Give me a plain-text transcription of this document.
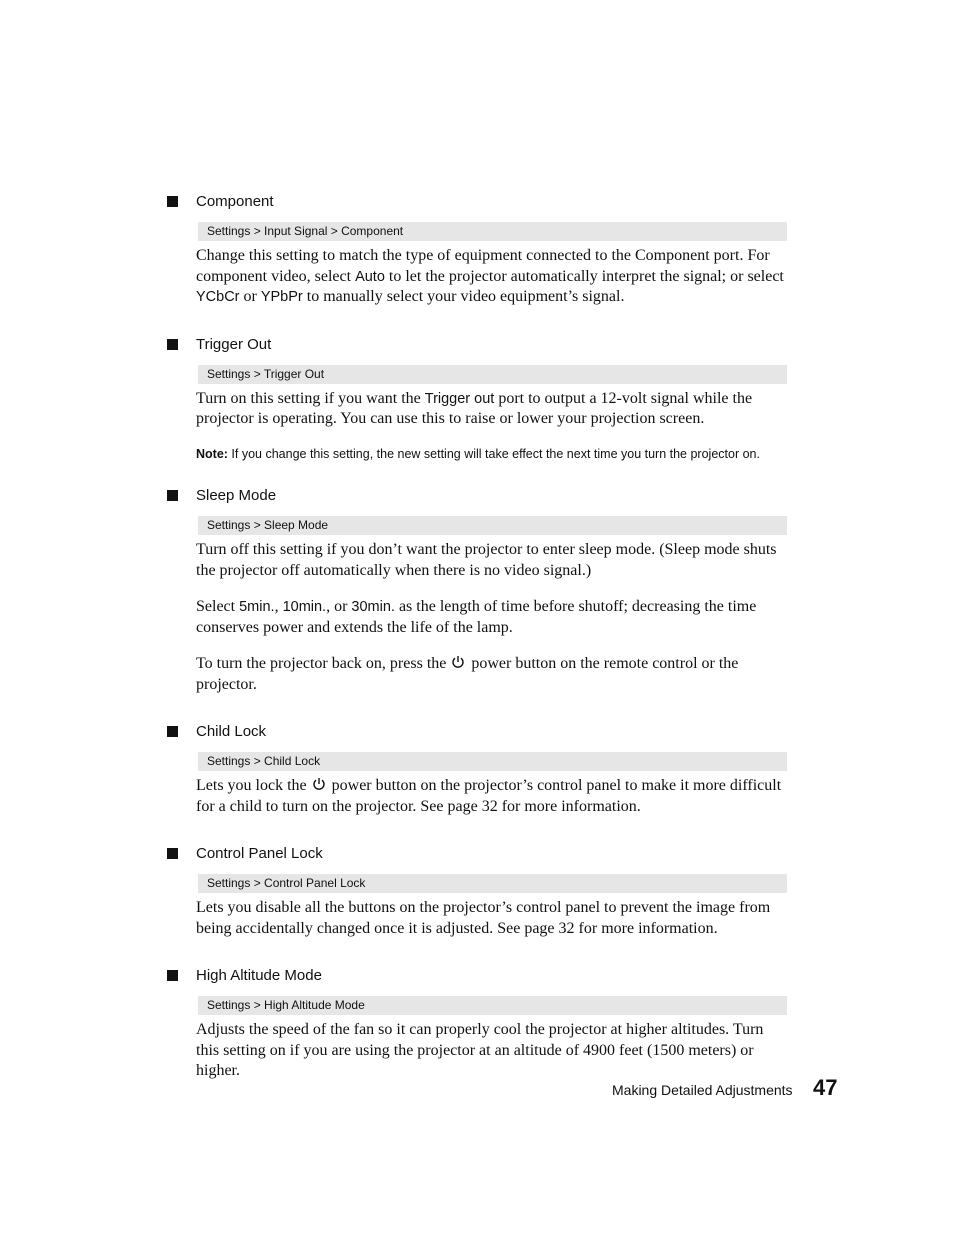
Component
Settings > Input Signal > Component

Change this setting to match the type of equipment connected to the Component port. For component video, select Auto to let the projector automatically interpret the signal; or select YCbCr or YPbPr to manually select your video equipment’s signal.

Trigger Out
Settings > Trigger Out

Turn on this setting if you want the Trigger out port to output a 12-volt signal while the projector is operating. You can use this to raise or lower your projection screen.

Note: If you change this setting, the new setting will take effect the next time you turn the projector on.

Sleep Mode
Settings > Sleep Mode

Turn off this setting if you don’t want the projector to enter sleep mode. (Sleep mode shuts the projector off automatically when there is no video signal.)

Select 5min., 10min., or 30min. as the length of time before shutoff; decreasing the time conserves power and extends the life of the lamp.

To turn the projector back on, press the  power button on the remote control or the projector.

Child Lock
Settings > Child Lock

Lets you lock the  power button on the projector’s control panel to make it more difficult for a child to turn on the projector. See page 32 for more information.

Control Panel Lock
Settings > Control Panel Lock

Lets you disable all the buttons on the projector’s control panel to prevent the image from being accidentally changed once it is adjusted. See page 32 for more information.

High Altitude Mode
Settings > High Altitude Mode

Adjusts the speed of the fan so it can properly cool the projector at higher altitudes. Turn this setting on if you are using the projector at an altitude of 4900 feet (1500 meters) or higher.

Making Detailed Adjustments 47
